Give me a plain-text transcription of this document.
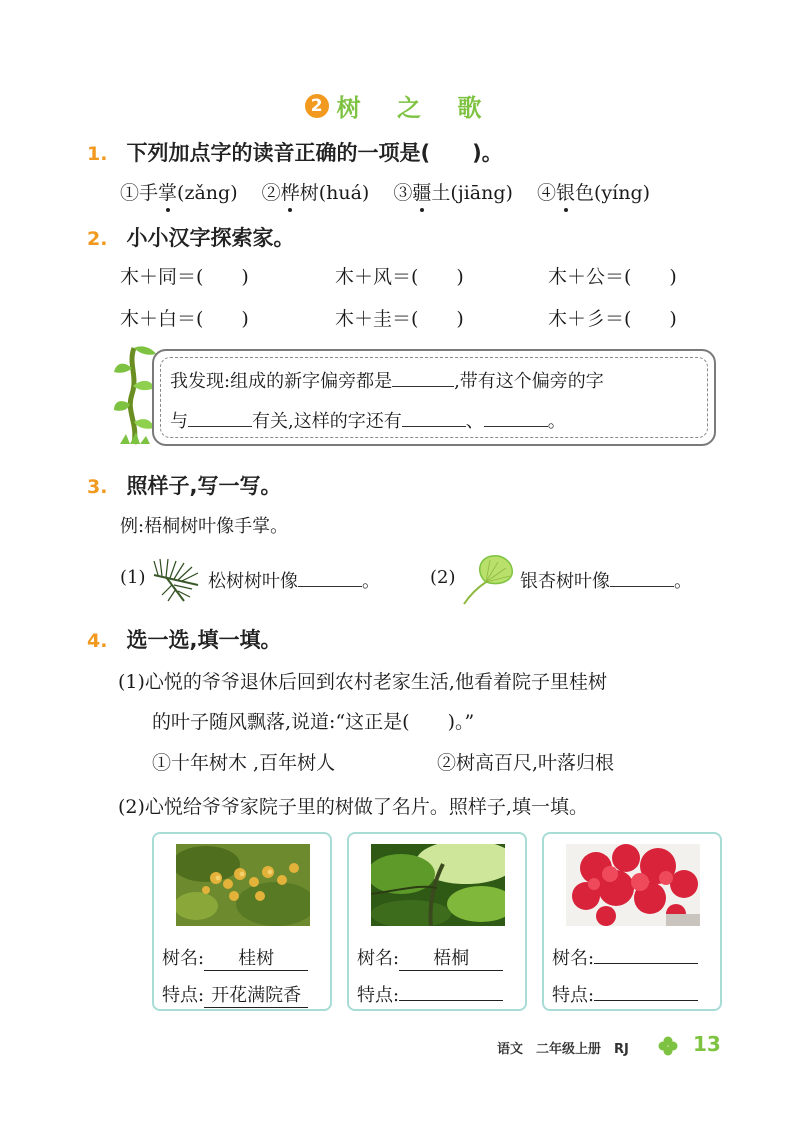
2 树 之 歌
1. 下列加点字的读音正确的一项是(　　)。
①手掌(zǎng) ②桦树(huá) ③疆土(jiāng) ④银色(yíng)
2. 小小汉字探索家。
木＋同＝(　　)	木＋风＝(　　)	木＋公＝(　　)
木＋白＝(　　)	木＋圭＝(　　)	木＋彡＝(　　)
我发现:组成的新字偏旁都是	,带有这个偏旁的字
与	有关,这样的字还有	、	。
3. 照样子,写一写。
例:梧桐树叶像手掌。
(1)	松树树叶像	。	(2)	银杏树叶像	。
4. 选一选,填一填。
(1)心悦的爷爷退休后回到农村老家生活,他看着院子里桂树
的叶子随风飘落,说道:“这正是(　　)。”
①十年树木 ,百年树人	②树高百尺,叶落归根
(2)心悦给爷爷家院子里的树做了名片。照样子,填一填。
树名: 桂树
特点: 开花满院香
树名: 梧桐
特点:
树名:
特点:
语文　二年级上册　RJ	13
